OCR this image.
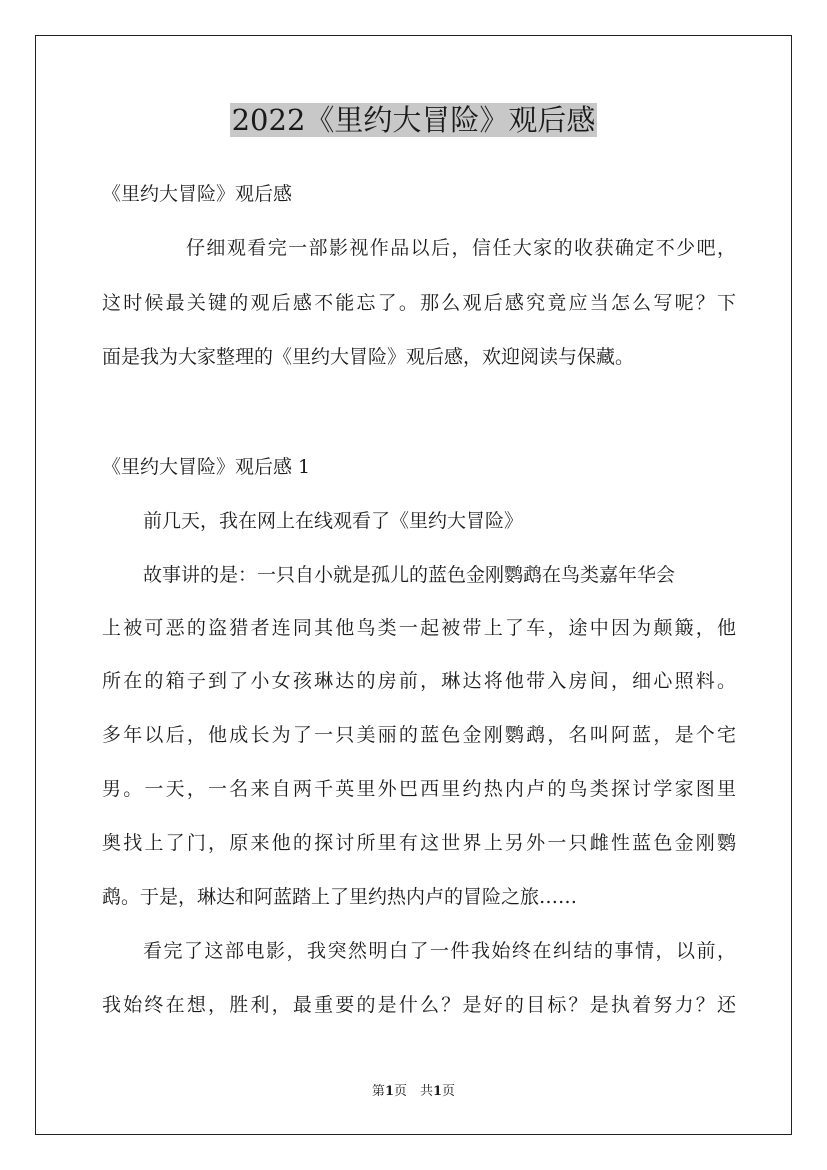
2022《里约大冒险》观后感

《里约大冒险》观后感

仔细观看完一部影视作品以后，信任大家的收获确定不少吧，

这时候最关键的观后感不能忘了。那么观后感究竟应当怎么写呢？下

面是我为大家整理的《里约大冒险》观后感，欢迎阅读与保藏。

《里约大冒险》观后感 1

前几天，我在网上在线观看了《里约大冒险》

故事讲的是：一只自小就是孤儿的蓝色金刚鹦鹉在鸟类嘉年华会

上被可恶的盗猎者连同其他鸟类一起被带上了车，途中因为颠簸，他

所在的箱子到了小女孩琳达的房前，琳达将他带入房间，细心照料。

多年以后，他成长为了一只美丽的蓝色金刚鹦鹉，名叫阿蓝，是个宅

男。一天，一名来自两千英里外巴西里约热内卢的鸟类探讨学家图里

奥找上了门，原来他的探讨所里有这世界上另外一只雌性蓝色金刚鹦

鹉。于是，琳达和阿蓝踏上了里约热内卢的冒险之旅……

看完了这部电影，我突然明白了一件我始终在纠结的事情，以前，

我始终在想，胜利，最重要的是什么？是好的目标？是执着努力？还

第1页　共1页
